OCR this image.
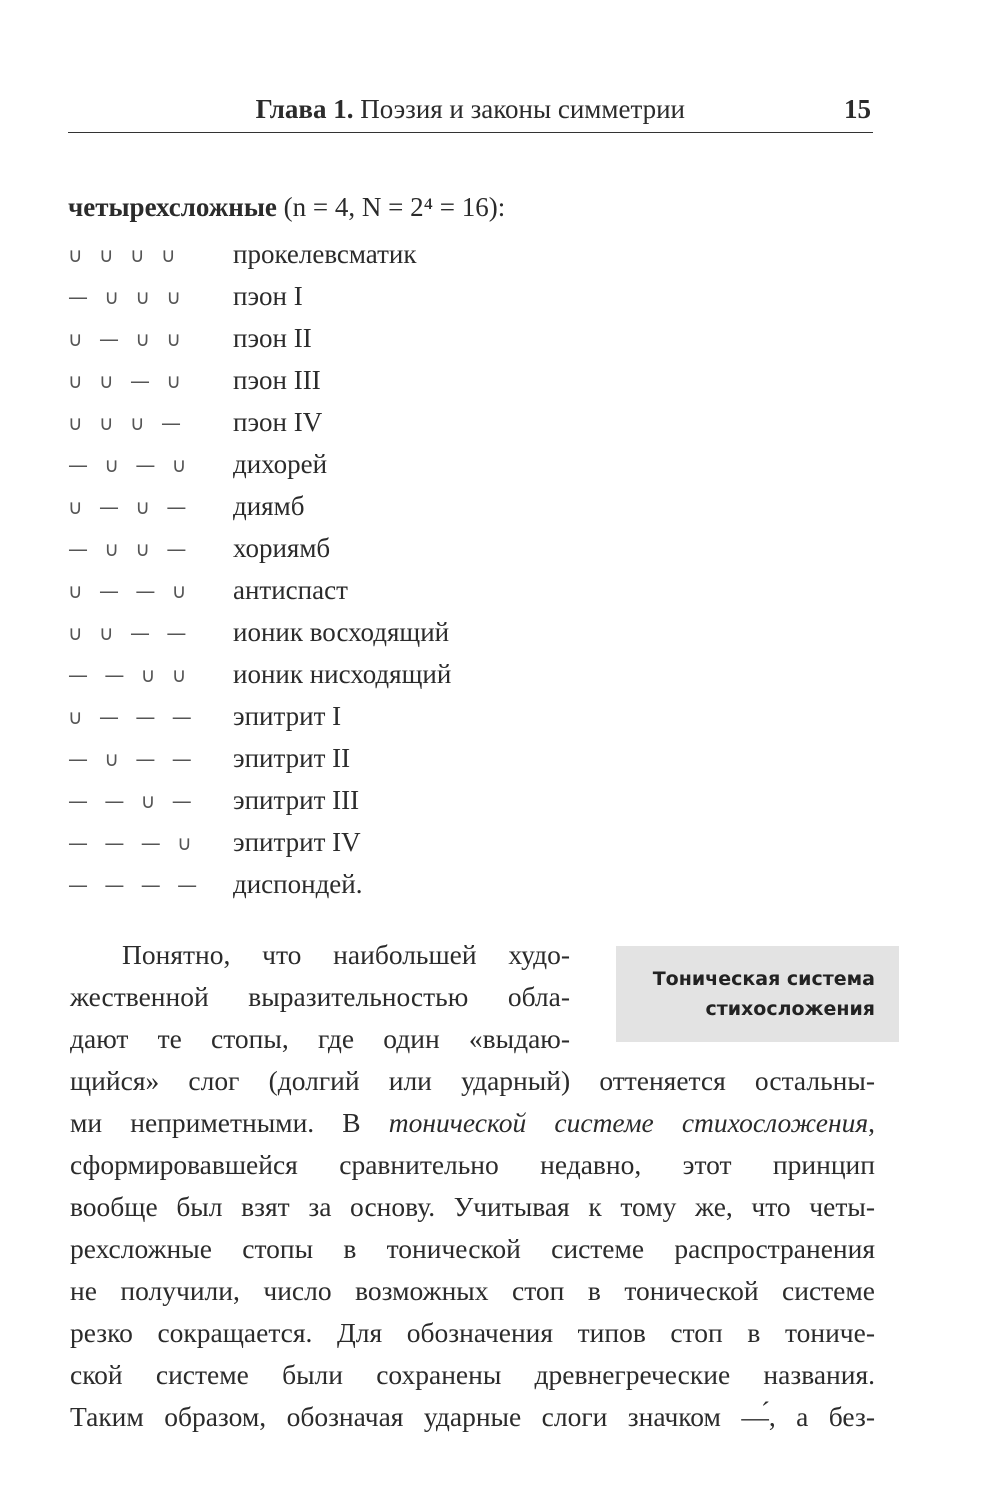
Глава 1. Поэзия и законы симметрии	15
четырехсложные (n = 4, N = 2⁴ = 16):
∪ ∪ ∪ ∪ прокелевсматик
— ∪ ∪ ∪ пэон I
∪ — ∪ ∪ пэон II
∪ ∪ — ∪ пэон III
∪ ∪ ∪ — пэон IV
— ∪ — ∪ дихорей
∪ — ∪ — диямб
— ∪ ∪ — хориямб
∪ — — ∪ антиспаст
∪ ∪ — — ионик восходящий
— — ∪ ∪ ионик нисходящий
∪ — — — эпитрит I
— ∪ — — эпитрит II
— — ∪ — эпитрит III
— — — ∪ эпитрит IV
— — — — диспондей.
Тоническая система
стихосложения
Понятно, что наибольшей худо-
жественной выразительностью обла-
дают те стопы, где один «выдаю-
щийся» слог (долгий или ударный) оттеняется остальны-
ми неприметными. В тонической системе стихосложения,
сформировавшейся сравнительно недавно, этот принцип
вообще был взят за основу. Учитывая к тому же, что четы-
рехсложные стопы в тонической системе распространения
не получили, число возможных стоп в тонической системе
резко сокращается. Для обозначения типов стоп в тониче-
ской системе были сохранены древнегреческие названия.
Таким образом, обозначая ударные слоги значком —́, а без-
